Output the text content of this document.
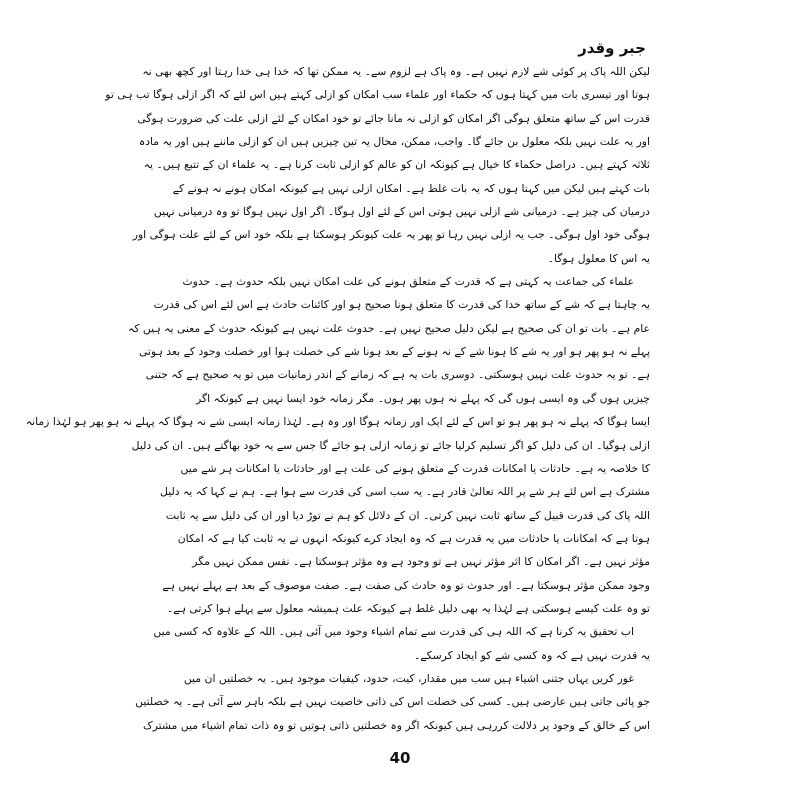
جبر وقدر
لیکن اللہ پاک پر کوئی شے لازم نہیں ہے۔ وہ پاک ہے لزوم سے۔ یہ ممکن تھا کہ خدا ہی خدا رہتا اور کچھ بھی نہ
ہوتا اور تیسری بات میں کہتا ہوں کہ حکماء اور علماء سب امکان کو ازلی کہتے ہیں اس لئے کہ اگر ازلی ہوگا تب ہی تو
قدرت اس کے ساتھ متعلق ہوگی اگر امکان کو ازلی نہ مانا جائے تو خود امکان کے لئے ازلی علت کی ضرورت ہوگی
اور یہ علت نہیں بلکہ معلول بن جائے گا۔ واجب، ممکن، محال یہ تین چیزیں ہیں ان کو ازلی ماننے ہیں اور یہ مادہ
ثلاثہ کہتے ہیں۔ دراصل حکماء کا خیال ہے کیونکہ ان کو عالم کو ازلی ثابت کرنا ہے۔ یہ علماء ان کے تتبع ہیں۔ یہ
بات کہتے ہیں لیکن میں کہتا ہوں کہ یہ بات غلط ہے۔ امکان ازلی نہیں ہے کیونکہ امکان ہونے نہ ہونے کے
درمیان کی چیز ہے۔ درمیانی شے ازلی نہیں ہوتی اس کے لئے اول ہوگا۔ اگر اول نہیں ہوگا تو وہ درمیانی نہیں
ہوگی خود اول ہوگی۔ جب یہ ازلی نہیں رہا تو پھر یہ علت کیونکر ہوسکتا ہے بلکہ خود اس کے لئے علت ہوگی اور
یہ اس کا معلول ہوگا۔
علماء کی جماعت یہ کہتی ہے کہ قدرت کے متعلق ہونے کی علت امکان نہیں بلکہ حدوث ہے۔ حدوث
یہ چاہتا ہے کہ شے کے ساتھ خدا کی قدرت کا متعلق ہونا صحیح ہو اور کائنات حادث ہے اس لئے اس کی قدرت
عام ہے۔ بات تو ان کی صحیح ہے لیکن دلیل صحیح نہیں ہے۔ حدوث علت نہیں ہے کیونکہ حدوث کے معنی یہ ہیں کہ
پہلے نہ ہو پھر ہو اور یہ شے کا ہونا شے کے نہ ہونے کے بعد ہونا شے کی خصلت ہوا اور خصلت وجود کے بعد ہوتی
ہے۔ تو یہ حدوث علت نہیں ہوسکتی۔ دوسری بات یہ ہے کہ زمانے کے اندر زمانیات میں تو یہ صحیح ہے کہ جتنی
چیزیں ہوں گی وہ ایسی ہوں گی کہ پہلے نہ ہوں پھر ہوں۔ مگر زمانہ خود ایسا نہیں ہے کیونکہ اگر
ایسا ہوگا کہ پہلے نہ ہو پھر ہو تو اس کے لئے ایک اور زمانہ ہوگا اور وہ ہے۔ لہٰذا زمانہ ایسی شے نہ ہوگا کہ پہلے نہ ہو پھر ہو لہٰذا زمانہ
ازلی ہوگیا۔ ان کی دلیل کو اگر تسلیم کرلیا جائے تو زمانہ ازلی ہو جائے گا جس سے یہ خود بھاگتے ہیں۔ ان کی دلیل
کا خلاصہ یہ ہے۔ حادثات یا امکانات قدرت کے متعلق ہونے کی علت ہے اور حادثات یا امکانات ہر شے میں
مشترک ہے اس لئے ہر شے پر اللہ تعالیٰ قادر ہے۔ یہ سب اسی کی قدرت سے ہوا ہے۔ ہم نے کہا کہ یہ دلیل
اللہ پاک کی قدرت قبیل کے ساتھ ثابت نہیں کرتی۔ ان کے دلائل کو ہم نے توڑ دیا اور ان کی دلیل سے یہ ثابت
ہوتا ہے کہ امکانات یا حادثات میں یہ قدرت ہے کہ وہ ایجاد کرے کیونکہ انہوں نے یہ ثابت کیا ہے کہ امکان
مؤثر نہیں ہے۔ اگر امکان کا اثر مؤثر نہیں ہے تو وجود ہے وہ مؤثر ہوسکتا ہے۔ نفس ممکن نہیں مگر
وجود ممکن مؤثر ہوسکتا ہے۔ اور حدوث تو وہ حادث کی صفت ہے۔ صفت موصوف کے بعد ہے پہلے نہیں ہے
تو وہ علت کیسے ہوسکتی ہے لہٰذا یہ بھی دلیل غلط ہے کیونکہ علت ہمیشہ معلول سے پہلے ہوا کرتی ہے۔
اب تحقیق یہ کرنا ہے کہ اللہ ہی کی قدرت سے تمام اشیاء وجود میں آئی ہیں۔ اللہ کے علاوہ کہ کسی میں
یہ قدرت نہیں ہے کہ وہ کسی شے کو ایجاد کرسکے۔
غور کریں یہاں جتنی اشیاء ہیں سب میں مقدار، کیت، حدود، کیفیات موجود ہیں۔ یہ خصلتیں ان میں
جو پائی جاتی ہیں عارضی ہیں۔ کسی کی خصلت اس کی ذاتی خاصیت نہیں ہے بلکہ باہر سے آئی ہے۔ یہ خصلتیں
اس کے خالق کے وجود پر دلالت کررہی ہیں کیونکہ اگر وہ خصلتیں ذاتی ہوتیں تو وہ ذات تمام اشیاء میں مشترک
40
